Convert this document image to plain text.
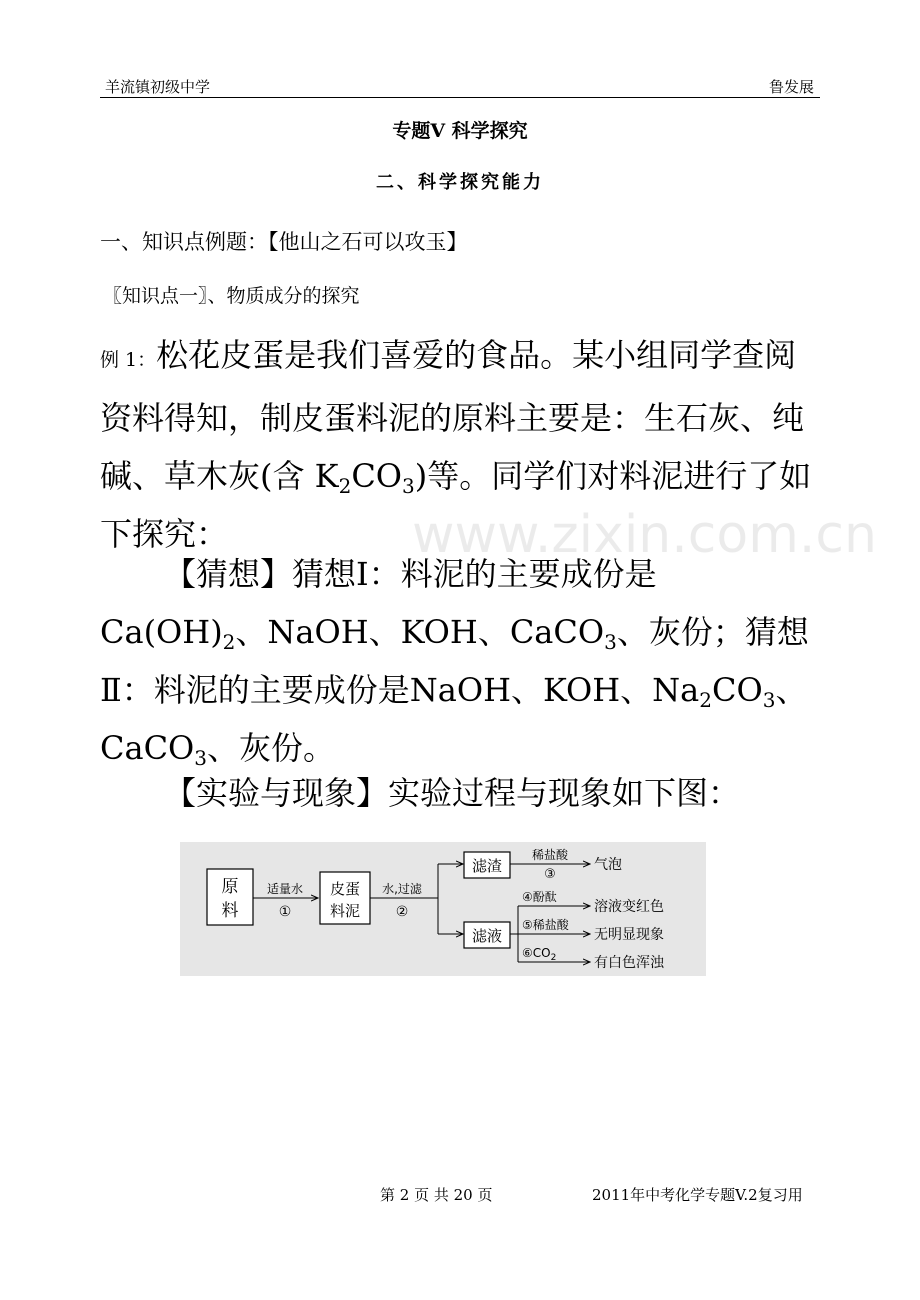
羊流镇初级中学	鲁发展
专题Ⅴ 科学探究
二、科学探究能力
一、知识点例题：【他山之石可以攻玉】
〖知识点一〗、物质成分的探究
例 1：松花皮蛋是我们喜爱的食品。某小组同学查阅资料得知，制皮蛋料泥的原料主要是：生石灰、纯碱、草木灰(含 $K_2CO_3$)等。同学们对料泥进行了如下探究：
【猜想】猜想Ⅰ：料泥的主要成份是$Ca(OH)_2$、NaOH、KOH、CaCO$_3$、灰份；猜想Ⅱ：料泥的主要成份是NaOH、KOH、$Na_2CO_3$、CaCO$_3$、灰份。
【实验与现象】实验过程与现象如下图：
www.zixin.com.cn
原
料
适量水
①
皮蛋
料泥
水,过滤
②
滤渣
滤液
稀盐酸
③
气泡
④酚酞
溶液变红色
⑤稀盐酸
无明显现象
$⑥CO_2$	有白色浑浊
第 2 页 共 20 页	2011年中考化学专题V.2复习用
